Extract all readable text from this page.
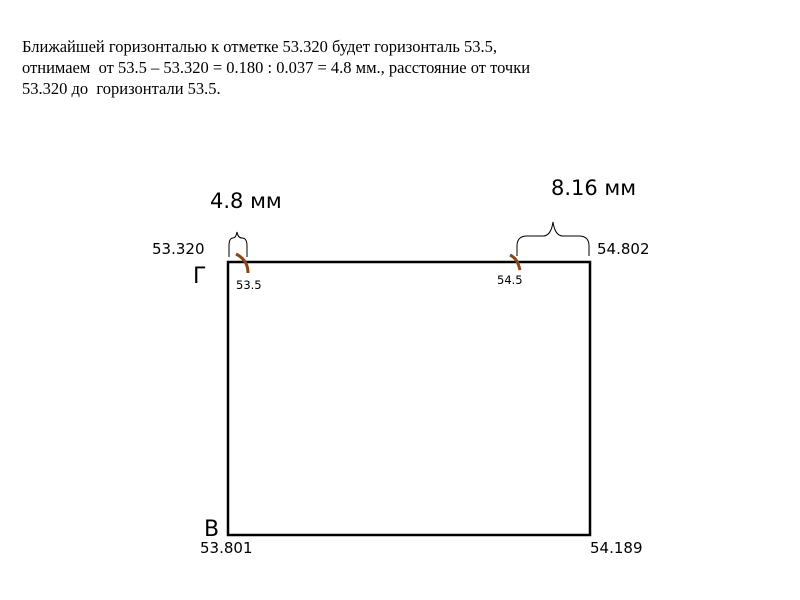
Ближайшей горизонталью к отметке 53.320 будет горизонталь 53.5,
отнимаем  от 53.5 – 53.320 = 0.180 : 0.037 = 4.8 мм., расстояние от точки
53.320 до  горизонтали 53.5.
4.8 мм
8.16 мм
53.320	54.802
53.801	54.189
Г
В
53.5	54.5
